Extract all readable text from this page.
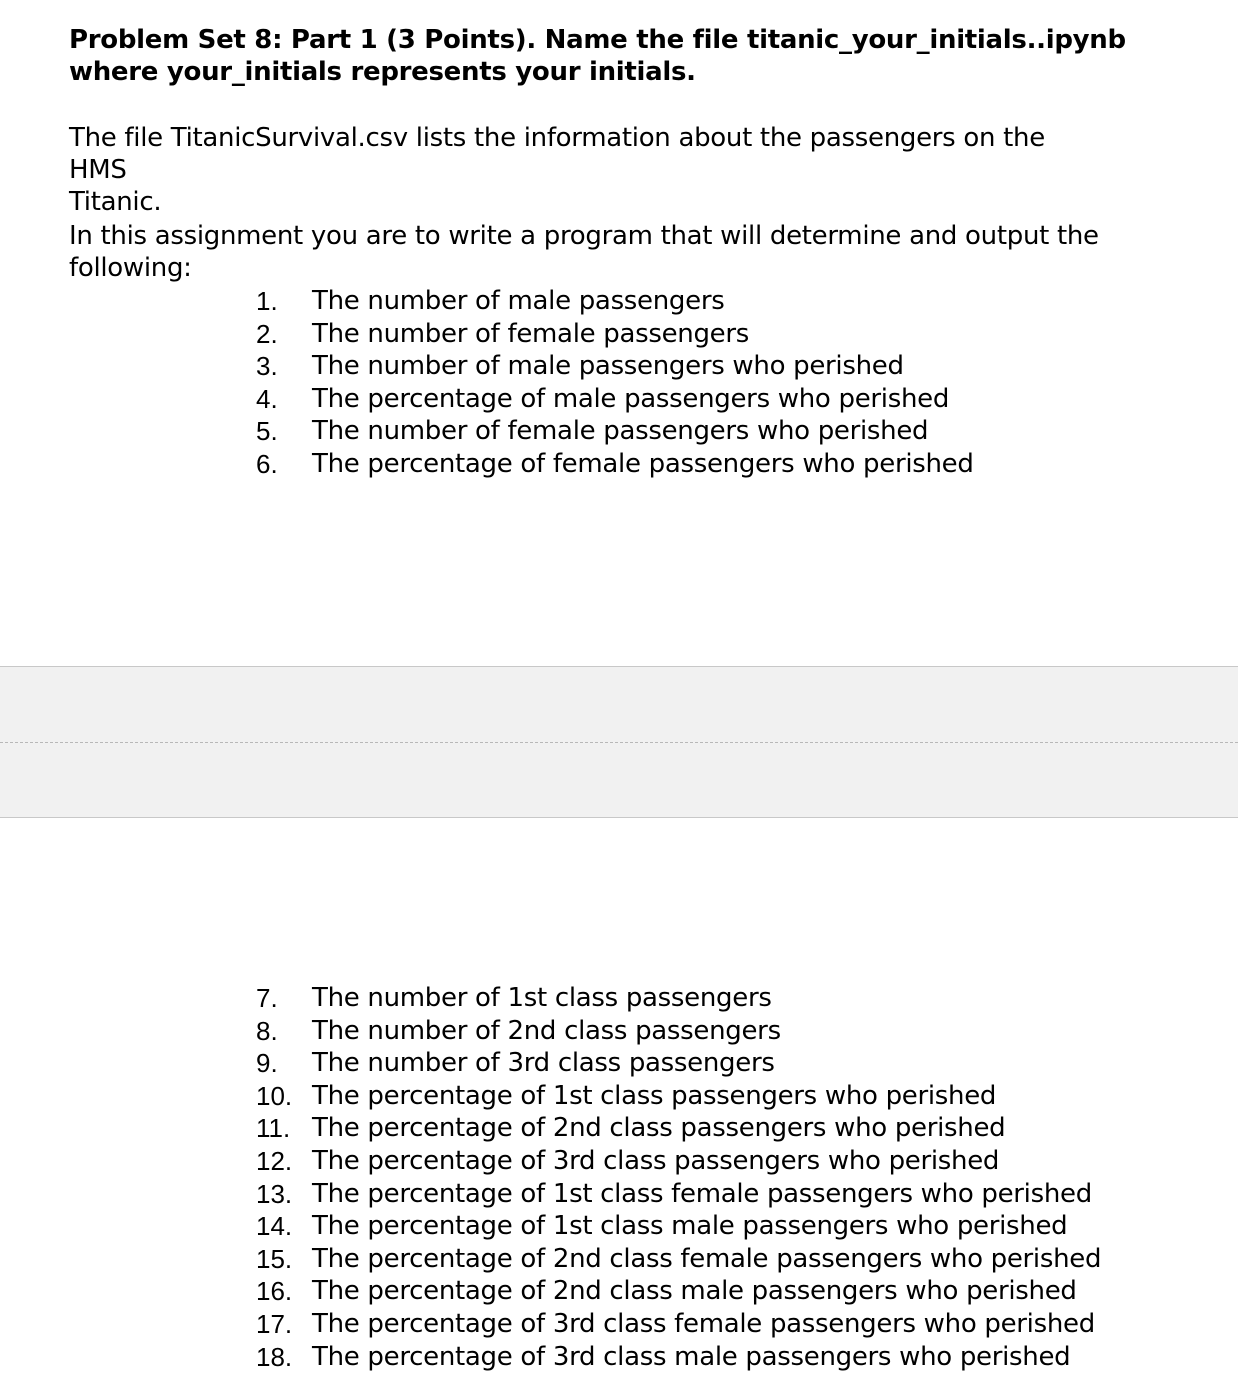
Problem Set 8: Part 1 (3 Points). Name the file titanic_your_initials..ipynb
where your_initials represents your initials.
The file TitanicSurvival.csv lists the information about the passengers on the HMS
Titanic.
In this assignment you are to write a program that will determine and output the
following:
1.	The number of male passengers
2.	The number of female passengers
3.	The number of male passengers who perished
4.	The percentage of male passengers who perished
5.	The number of female passengers who perished
6.	The percentage of female passengers who perished
7.	The number of 1st class passengers
8.	The number of 2nd class passengers
9.	The number of 3rd class passengers
10. The percentage of 1st class passengers who perished
11. The percentage of 2nd class passengers who perished
12. The percentage of 3rd class passengers who perished
13. The percentage of 1st class female passengers who perished
14. The percentage of 1st class male passengers who perished
15. The percentage of 2nd class female passengers who perished
16. The percentage of 2nd class male passengers who perished
17. The percentage of 3rd class female passengers who perished
18. The percentage of 3rd class male passengers who perished
